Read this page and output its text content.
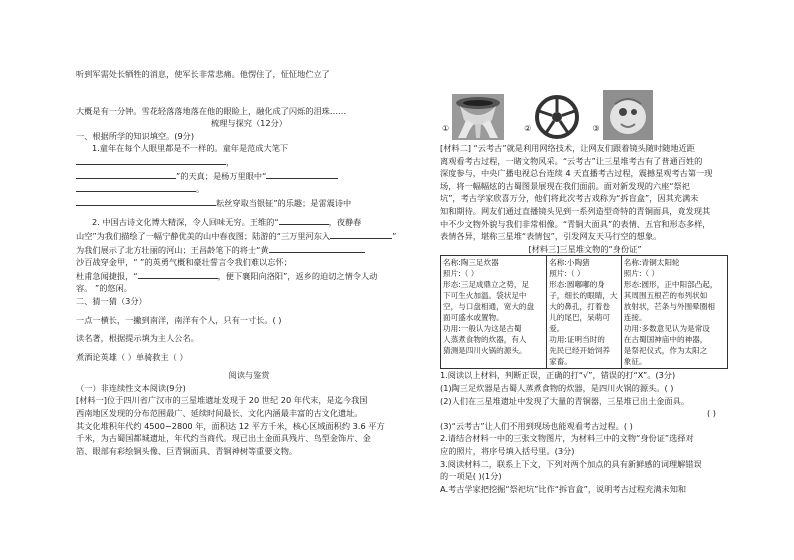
听到军需处长牺牲的消息，使军长非常悲痛。他愣住了，怔怔地伫立了

大概是有一分钟。雪花轻落落地落在他的眼睑上，融化成了闪烁的泪珠……

梳理与探究（12分）

一、根据所学的知识填空。(9分)

1.童年在每个人眼里都是不一样的。童年是范成大笔下

，

”的天真；是杨万里眼中“

。

耘丝穿取当银钲”的乐趣；是雷震诗中

2. 中国古诗文化博大精深，令人回味无穷。王维的“	，夜静春

山空”为我们描绘了一幅宁静优美的山中春夜图；陆游的“三万里河东入	”

为我们展示了北方壮丽的河山；王昌龄笔下的将士“黄

沙百战穿金甲，“ ”的英勇气概和豪壮誓言令我们难以忘怀；

杜甫急闻捷报，“	，便下襄阳向洛阳”，返乡的迫切之情令人动

容。 ”的悠闲。

二、猜一猜（3分）

一点一横长，一撇到南洋，南洋有个人，只有一寸长。( )

读名著，根据提示填为主人公名。

煮酒论英雄（ ）单骑救主（ ）

阅读与鉴赏

（一）非连续性文本阅读(9分)

[材料一]位于四川省广汉市的三星堆遗址发现于 20 世纪 20 年代末，是迄今我国

西南地区发现的分布范围最广、延续时间最长、文化内涵最丰富的古文化遗址。

其文化堆积年代约 4500−2800 年，面积达 12 平方千米，核心区域面积约 3.6 平方

千米，为古蜀国都城遗址，年代约当商代。现已出土金面具残片、鸟型金饰片、金

箔、眼部有彩绘铜头像、巨青铜面具、青铜神树等重要文物。

①	②	③

[材料二] “云考古”就是利用网络技术，让网友们跟着镜头随时随地近距

离观看考古过程，一睹文物风采。“云考古”让三星堆考古有了普通百姓的

深度参与，中央广播电视总台连续 4 天直播考古过程，震撼星观考古第一现

场，将一幅幅炫的古蜀图景展现在我们面前。面对新发现的六座“祭祀

坑”，考古学家欣喜万分，他们将此次考古戏称为“拆盲盒”，因其充满未

知和期待。网友们通过直播镜头见到一系列造型奇特的青铜面具，竟发现其

中不少文物外貌与我们非常相像。“青铜大面具”的表情、五官和形态多样，

表情各异，堪称三星堆“表情包”，引发网友天马行空的想象。

[材料三]三星堆文物的“身份证”

名称:陶三足炊器

照片:（ ）

形态:三足成鼎立之势，足

下可生火加温。袋状足中

空，与口盘相通，宽大的盘

面可盛水或置物。

功用:一般认为这是古蜀

人蒸煮食物的炊器，有人

猜测是四川火锅的源头。

名称:小陶猪

照片:（ ）

形态:圆嘟嘟的身

子，细长的眼睛，大

大的鼻孔，打着卷

儿的尾巴，呆萌可爱。

功用:证明当时的

先民已经开始饲养

家畜。

名称:青铜太阳轮

照片:（ ）

形态:圆形，正中阳部凸起，

其周围五根芒的布列状如

放射状，芒条与外围晕圈相

连接。

功用:多数意见认为是常设

在古蜀国神庙中的神器，

是祭祀仪式，作为太阳之

象征。

1.阅读以上材料，判断正误，正确的打“√”，错误的打“X”。(3分)

(1)陶三足炊器是古蜀人蒸煮食物的炊器，是四川火锅的源头。( )

(2)人们在三星堆遗址中发现了大量的青铜器，三星堆已出土金面具。

( )

(3)“云考古”让人们不用到现场也能观看考古过程。( )

2.请结合材料一中的三张文物图片，为材料三中的文物“身份证”选择对

应的照片，将序号填入括号里。(3分)

3.阅读材料二，联系上下文，下列对两个加点的具有新鲜感的词理解错误

的一项是( )(1分)

A.考古学家把挖掘“祭祀坑”比作“拆盲盒”，说明考古过程充满未知和
